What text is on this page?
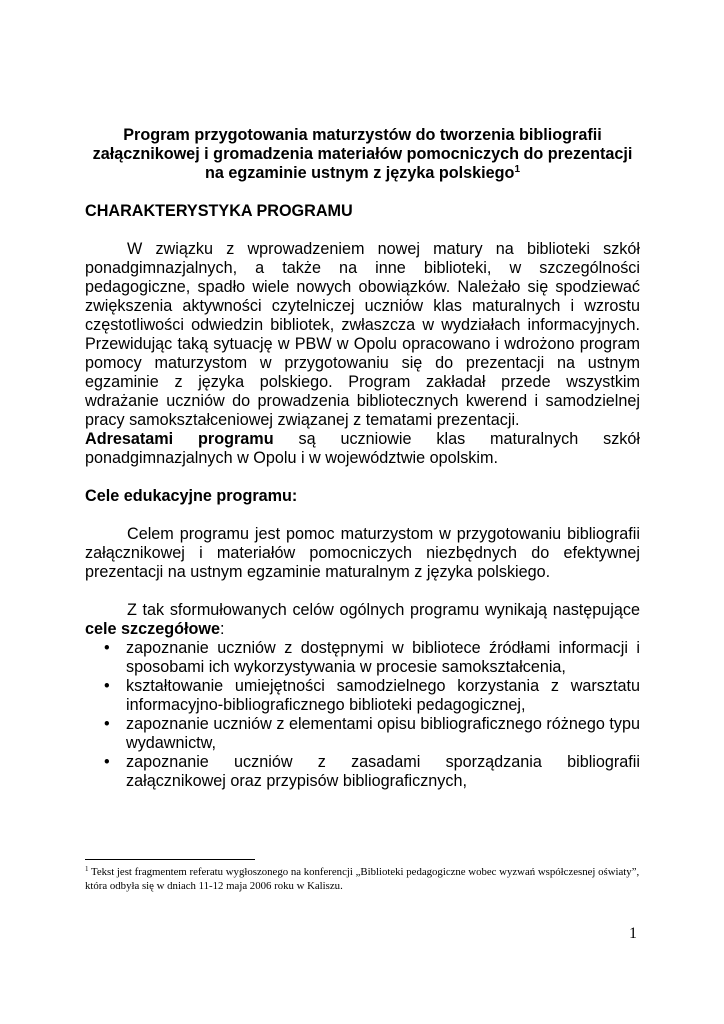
Program przygotowania maturzystów do tworzenia bibliografii
załącznikowej i gromadzenia materiałów pomocniczych do prezentacji
na egzaminie ustnym z języka polskiego$^1$
CHARAKTERYSTYKA PROGRAMU

W związku z wprowadzeniem nowej matury na biblioteki szkół ponadgimnazjalnych, a także na inne biblioteki, w szczególności pedagogiczne, spadło wiele nowych obowiązków. Należało się spodziewać zwiększenia aktywności czytelniczej uczniów klas maturalnych i wzrostu częstotliwości odwiedzin bibliotek, zwłaszcza w wydziałach informacyjnych. Przewidując taką sytuację w PBW w Opolu opracowano i wdrożono program pomocy maturzystom w przygotowaniu się do prezentacji na ustnym egzaminie z języka polskiego. Program zakładał przede wszystkim wdrażanie uczniów do prowadzenia bibliotecznych kwerend i samodzielnej pracy samokształceniowej związanej z tematami prezentacji.

Adresatami programu są uczniowie klas maturalnych szkół ponadgimnazjalnych w Opolu i w województwie opolskim.

Cele edukacyjne programu:

Celem programu jest pomoc maturzystom w przygotowaniu bibliografii załącznikowej i materiałów pomocniczych niezbędnych do efektywnej prezentacji na ustnym egzaminie maturalnym z języka polskiego.

Z tak sformułowanych celów ogólnych programu wynikają następujące cele szczegółowe:

• zapoznanie uczniów z dostępnymi w bibliotece źródłami informacji i sposobami ich wykorzystywania w procesie samokształcenia,
• kształtowanie umiejętności samodzielnego korzystania z warsztatu informacyjno-bibliograficznego biblioteki pedagogicznej,
• zapoznanie uczniów z elementami opisu bibliograficznego różnego typu wydawnictw,
• zapoznanie uczniów z zasadami sporządzania bibliografii załącznikowej oraz przypisów bibliograficznych,
$^1$ Tekst jest fragmentem referatu wygłoszonego na konferencji „Biblioteki pedagogiczne wobec wyzwań współczesnej oświaty”, która odbyła się w dniach 11-12 maja 2006 roku w Kaliszu.
1
